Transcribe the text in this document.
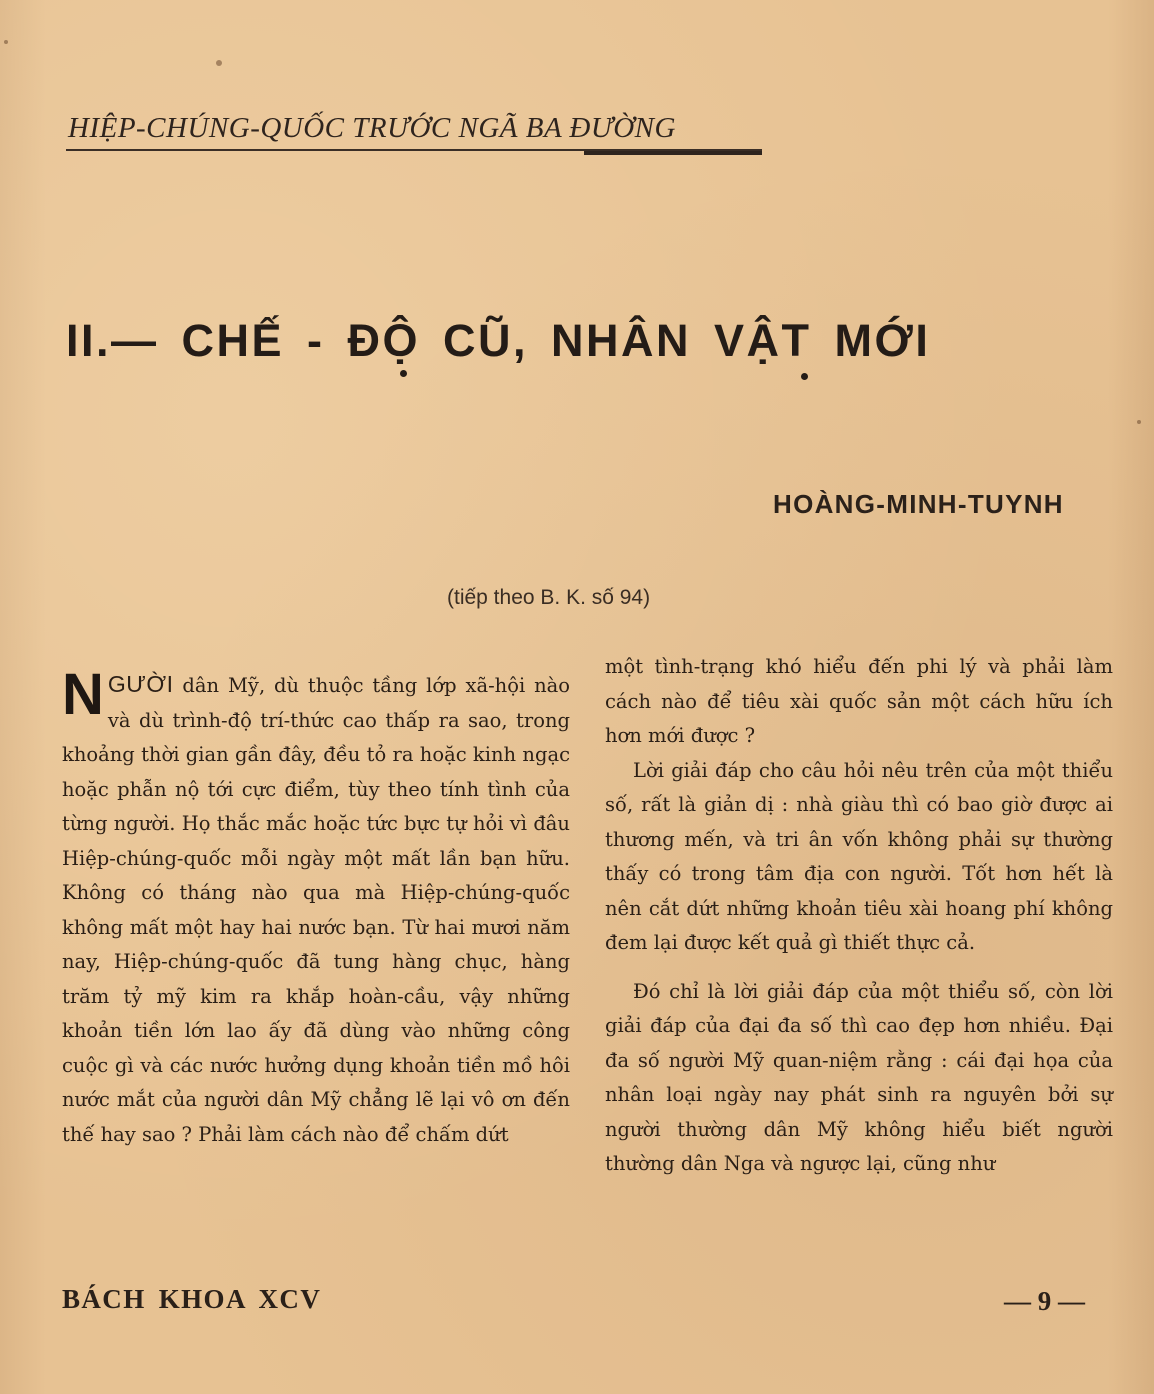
HIỆP-CHÚNG-QUỐC TRƯỚC NGÃ BA ĐƯỜNG
II.— CHẾ - ĐỘ CŨ, NHÂN VẬT MỚI
HOÀNG-MINH-TUYNH
(tiếp theo B. K. số 94)

NGƯỜI dân Mỹ, dù thuộc tầng lớp xã-hội nào và dù trình-độ trí-thức cao thấp ra sao, trong khoảng thời gian gần đây, đều tỏ ra hoặc kinh ngạc hoặc phẫn nộ tới cực điểm, tùy theo tính tình của từng người. Họ thắc mắc hoặc tức bực tự hỏi vì đâu Hiệp-chúng-quốc mỗi ngày một mất lần bạn hữu. Không có tháng nào qua mà Hiệp-chúng-quốc không mất một hay hai nước bạn. Từ hai mươi năm nay, Hiệp-chúng-quốc đã tung hàng chục, hàng trăm tỷ mỹ kim ra khắp hoàn-cầu, vậy những khoản tiền lớn lao ấy đã dùng vào những công cuộc gì và các nước hưởng dụng khoản tiền mồ hôi nước mắt của người dân Mỹ chẳng lẽ lại vô ơn đến thế hay sao ? Phải làm cách nào để chấm dứt

một tình-trạng khó hiểu đến phi lý và phải làm cách nào để tiêu xài quốc sản một cách hữu ích hơn mới được ?

Lời giải đáp cho câu hỏi nêu trên của một thiểu số, rất là giản dị : nhà giàu thì có bao giờ được ai thương mến, và tri ân vốn không phải sự thường thấy có trong tâm địa con người. Tốt hơn hết là nên cắt dứt những khoản tiêu xài hoang phí không đem lại được kết quả gì thiết thực cả.

Đó chỉ là lời giải đáp của một thiểu số, còn lời giải đáp của đại đa số thì cao đẹp hơn nhiều. Đại đa số người Mỹ quan-niệm rằng : cái đại họa của nhân loại ngày nay phát sinh ra nguyên bởi sự người thường dân Mỹ không hiểu biết người thường dân Nga và ngược lại, cũng như

BÁCH KHOA XCV	— 9 —
